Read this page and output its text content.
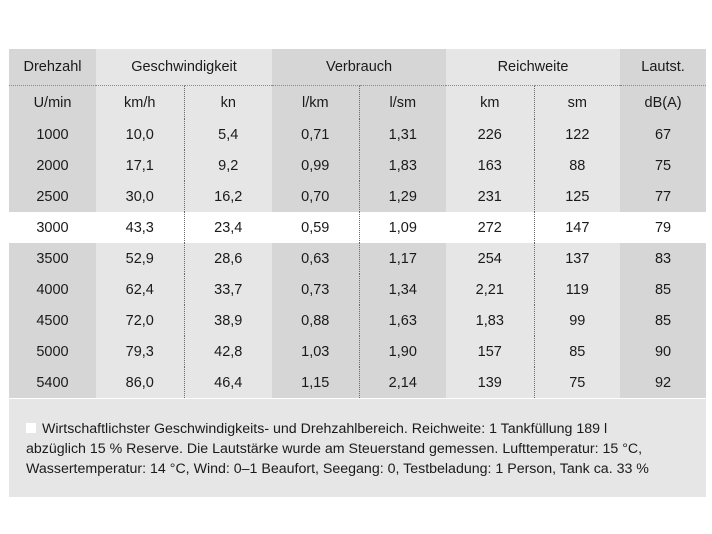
Drehzahl	Geschwindigkeit		Verbrauch		Reichweite		Lautst.
U/min	km/h	kn	l/km	l/sm	km	sm	dB(A)
1000	10,0	5,4	0,71	1,31	226	122	67
2000	17,1	9,2	0,99	1,83	163	88	75
2500	30,0	16,2	0,70	1,29	231	125	77
3000	43,3	23,4	0,59	1,09	272	147	79
3500	52,9	28,6	0,63	1,17	254	137	83
4000	62,4	33,7	0,73	1,34	2,21	119	85
4500	72,0	38,9	0,88	1,63	1,83	99	85
5000	79,3	42,8	1,03	1,90	157	85	90
5400	86,0	46,4	1,15	2,14	139	75	92
Wirtschaftlichster Geschwindigkeits- und Drehzahlbereich. Reichweite: 1 Tankfüllung 189 l
abzüglich 15 % Reserve. Die Lautstärke wurde am Steuerstand gemessen. Lufttemperatur: 15 °C,
Wassertemperatur: 14 °C, Wind: 0–1 Beaufort, Seegang: 0, Testbeladung: 1 Person, Tank ca. 33 %
